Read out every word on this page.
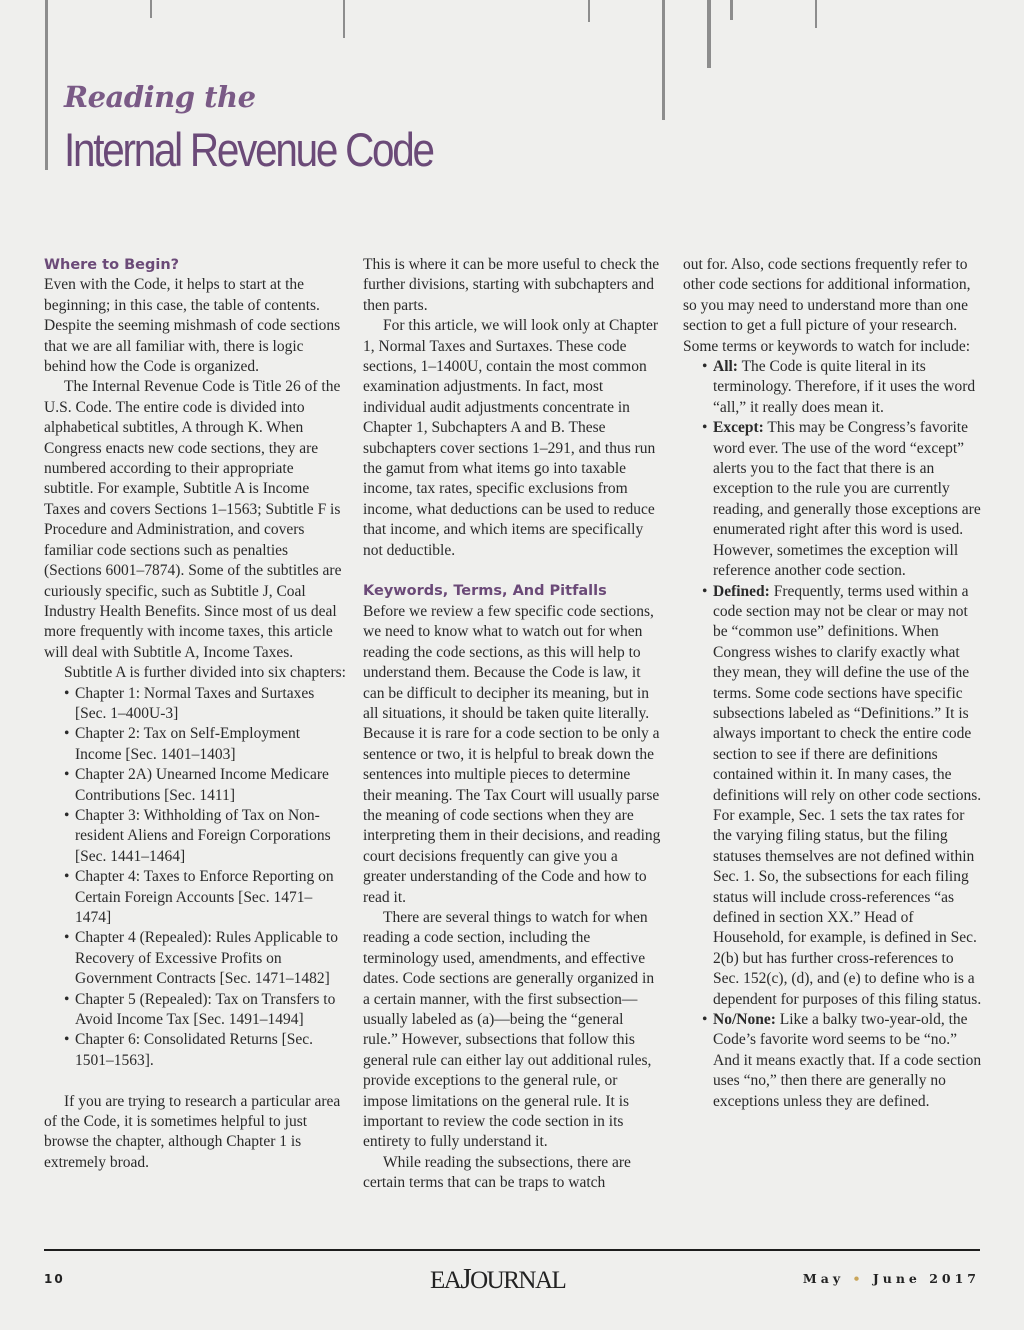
Reading the
Internal Revenue Code

Where to Begin?

Even with the Code, it helps to start at the beginning; in this case, the table of contents. Despite the seeming mishmash of code sections that we are all familiar with, there is logic behind how the Code is organized.

The Internal Revenue Code is Title 26 of the U.S. Code. The entire code is divided into alphabetical subtitles, A through K. When Congress enacts new code sections, they are numbered according to their appropriate subtitle. For example, Subtitle A is Income Taxes and covers Sections 1–1563; Subtitle F is Procedure and Administration, and covers familiar code sections such as penalties (Sections 6001–7874). Some of the subtitles are curiously specific, such as Subtitle J, Coal Industry Health Benefits. Since most of us deal more frequently with income taxes, this article will deal with Subtitle A, Income Taxes.

Subtitle A is further divided into six chapters:

• Chapter 1: Normal Taxes and Surtaxes [Sec. 1–400U-3]
• Chapter 2: Tax on Self-Employment Income [Sec. 1401–1403]
• Chapter 2A) Unearned Income Medicare Contributions [Sec. 1411]
• Chapter 3: Withholding of Tax on Non-resident Aliens and Foreign Corporations [Sec. 1441–1464]
• Chapter 4: Taxes to Enforce Reporting on Certain Foreign Accounts [Sec. 1471–1474]
• Chapter 4 (Repealed): Rules Applicable to Recovery of Excessive Profits on Government Contracts [Sec. 1471–1482]
• Chapter 5 (Repealed): Tax on Transfers to Avoid Income Tax [Sec. 1491–1494]
• Chapter 6: Consolidated Returns [Sec. 1501–1563].

If you are trying to research a particular area of the Code, it is sometimes helpful to just browse the chapter, although Chapter 1 is extremely broad.

This is where it can be more useful to check the further divisions, starting with subchapters and then parts.

For this article, we will look only at Chapter 1, Normal Taxes and Surtaxes. These code sections, 1–1400U, contain the most common examination adjustments. In fact, most individual audit adjustments concentrate in Chapter 1, Subchapters A and B. These subchapters cover sections 1–291, and thus run the gamut from what items go into taxable income, tax rates, specific exclusions from income, what deductions can be used to reduce that income, and which items are specifically not deductible.

Keywords, Terms, And Pitfalls

Before we review a few specific code sections, we need to know what to watch out for when reading the code sections, as this will help to understand them. Because the Code is law, it can be difficult to decipher its meaning, but in all situations, it should be taken quite literally. Because it is rare for a code section to be only a sentence or two, it is helpful to break down the sentences into multiple pieces to determine their meaning. The Tax Court will usually parse the meaning of code sections when they are interpreting them in their decisions, and reading court decisions frequently can give you a greater understanding of the Code and how to read it.

There are several things to watch for when reading a code section, including the terminology used, amendments, and effective dates. Code sections are generally organized in a certain manner, with the first subsection—usually labeled as (a)—being the “general rule.” However, subsections that follow this general rule can either lay out additional rules, provide exceptions to the general rule, or impose limitations on the general rule. It is important to review the code section in its entirety to fully understand it.

While reading the subsections, there are certain terms that can be traps to watch

out for. Also, code sections frequently refer to other code sections for additional information, so you may need to understand more than one section to get a full picture of your research. Some terms or keywords to watch for include:

• All: The Code is quite literal in its terminology. Therefore, if it uses the word “all,” it really does mean it.
• Except: This may be Congress’s favorite word ever. The use of the word “except” alerts you to the fact that there is an exception to the rule you are currently reading, and generally those exceptions are enumerated right after this word is used. However, sometimes the exception will reference another code section.
• Defined: Frequently, terms used within a code section may not be clear or may not be “common use” definitions. When Congress wishes to clarify exactly what they mean, they will define the use of the terms. Some code sections have specific subsections labeled as “Definitions.” It is always important to check the entire code section to see if there are definitions contained within it. In many cases, the definitions will rely on other code sections. For example, Sec. 1 sets the tax rates for the varying filing status, but the filing statuses themselves are not defined within Sec. 1. So, the subsections for each filing status will include cross-references “as defined in section XX.” Head of Household, for example, is defined in Sec. 2(b) but has further cross-references to Sec. 152(c), (d), and (e) to define who is a dependent for purposes of this filing status.
• No/None: Like a balky two-year-old, the Code’s favorite word seems to be “no.” And it means exactly that. If a code section uses “no,” then there are generally no exceptions unless they are defined.
10	EAJOURNAL	May • June 2017
